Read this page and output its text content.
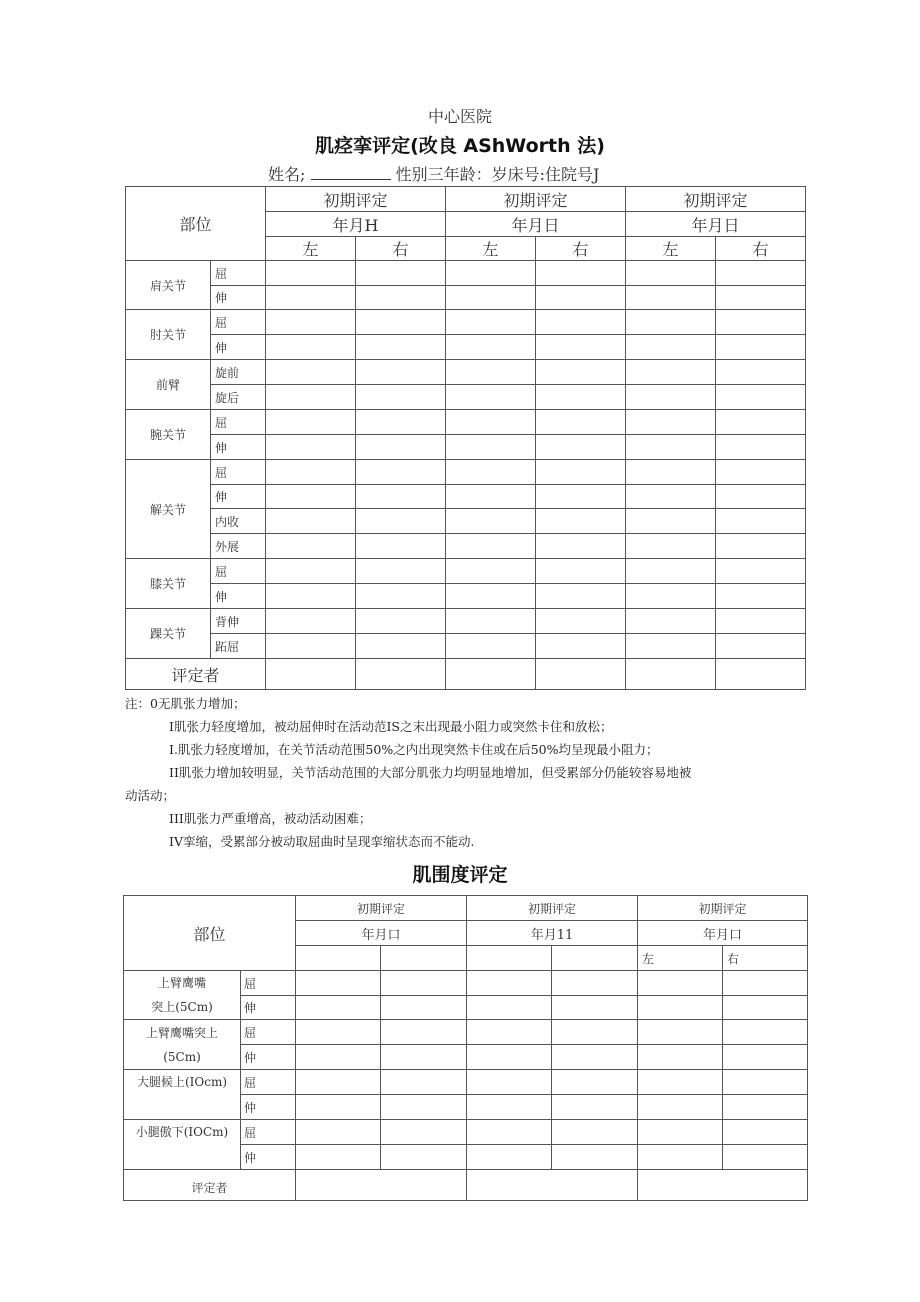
中心医院
肌痉挛评定(改良 AShWorth 法)
姓名;	性别三年龄：岁床号:住院号J
部位		初期评定		初期评定		初期评定	
		年月H		年月日		年月日	
		左	右	左	右	左	右
肩关节	屈						
	伸						
肘关节	屈						
	伸						
前臂	旋前						
	旋后						
腕关节	屈						
	伸						
解关节	屈						
	伸						
	内收						
	外展						
膝关节	屈						
	伸						
踝关节	背伸						
	跖屈						
评定者							
注：0无肌张力增加；
I肌张力轻度增加，被动屈伸时在活动范IS之末出现最小阻力或突然卡住和放松；
I.肌张力轻度增加，在关节活动范围50%之内出现突然卡住或在后50%均呈现最小阻力；
II肌张力增加较明显，关节活动范围的大部分肌张力均明显地增加，但受累部分仍能较容易地被
动活动；
III肌张力严重增高，被动活动困难；
IV挛缩，受累部分被动取屈曲时呈现挛缩状态而不能动.
肌围度评定
部位		初期评定		初期评定		初期评定	
		年月口		年月11		年月口	
						左	右

上臂鹰嘴
突上(5Cm)	屈						
	伸						

上臂鹰嘴突上
(5Cm)	屈						
	仲						

大腿候上(IOcm)	屈						
	仲						

小腿傲下(IOCm)	屈						
	仲						
评定者							
